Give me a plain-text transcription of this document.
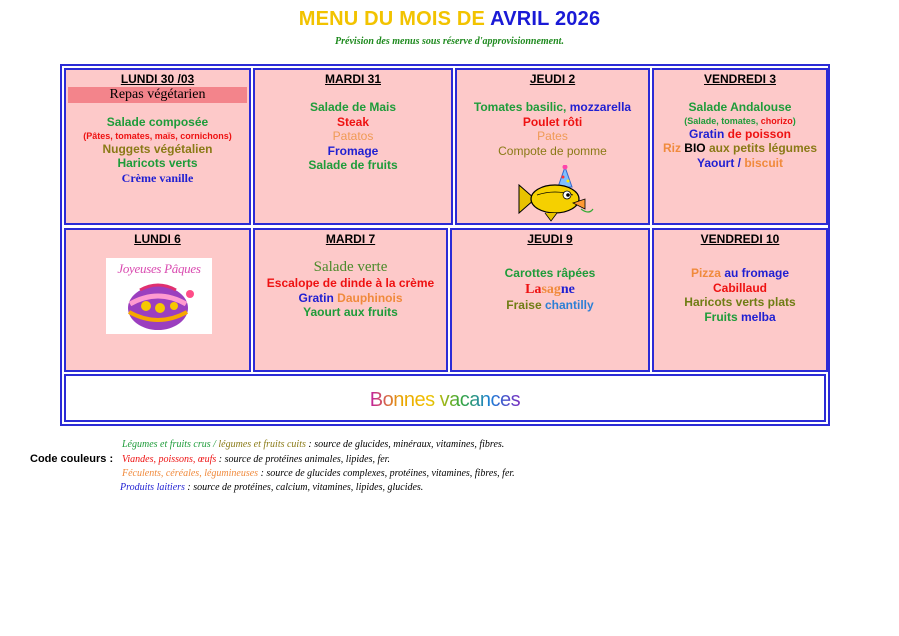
MENU DU MOIS DE AVRIL 2026
Prévision des menus sous réserve d'approvisionnement.
LUNDI 30 /03
Repas végétarien
Salade composée
(Pâtes, tomates, maïs, cornichons)
Nuggets végétalien
Haricots verts
Crème vanille
MARDI 31
Salade de Mais
Steak
Patatos
Fromage
Salade de fruits
JEUDI 2
Tomates basilic, mozzarella
Poulet rôti
Pates
Compote de pomme
VENDREDI 3
Salade Andalouse
(Salade, tomates, chorizo)
Gratin de poisson
Riz BIO aux petits légumes
Yaourt / biscuit
LUNDI 6
Joyeuses Pâques
MARDI 7
Salade verte
Escalope de dinde à la crème
Gratin Dauphinois
Yaourt aux fruits
JEUDI 9
Carottes râpées
Lasagne
Fraise chantilly
VENDREDI 10
Pizza au fromage
Cabillaud
Haricots verts plats
Fruits melba
Bonnes vacances
Code couleurs :
Légumes et fruits crus / légumes et fruits cuits : source de glucides, minéraux, vitamines, fibres.
Viandes, poissons, œufs : source de protéines animales, lipides, fer.
Féculents, céréales, légumineuses : source de glucides complexes, protéines, vitamines, fibres, fer.
Produits laitiers : source de protéines, calcium, vitamines, lipides, glucides.
